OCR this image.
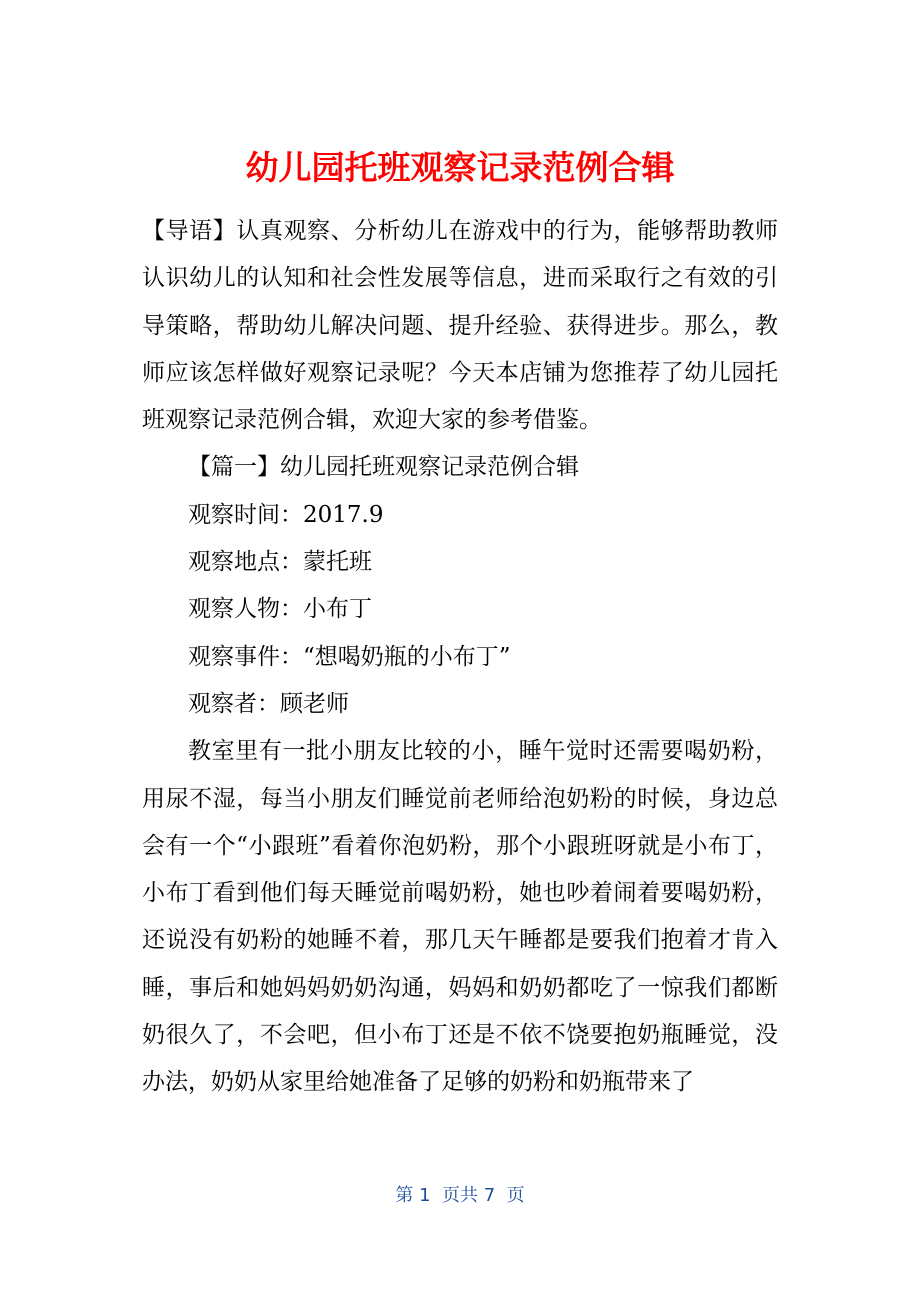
幼儿园托班观察记录范例合辑

【导语】认真观察、分析幼儿在游戏中的行为，能够帮助教师认识幼儿的认知和社会性发展等信息，进而采取行之有效的引导策略，帮助幼儿解决问题、提升经验、获得进步。那么，教师应该怎样做好观察记录呢？今天本店铺为您推荐了幼儿园托班观察记录范例合辑，欢迎大家的参考借鉴。

【篇一】幼儿园托班观察记录范例合辑

观察时间：2017.9

观察地点：蒙托班

观察人物：小布丁

观察事件：“想喝奶瓶的小布丁”

观察者：顾老师

教室里有一批小朋友比较的小，睡午觉时还需要喝奶粉，用尿不湿，每当小朋友们睡觉前老师给泡奶粉的时候，身边总会有一个“小跟班”看着你泡奶粉，那个小跟班呀就是小布丁，小布丁看到他们每天睡觉前喝奶粉，她也吵着闹着要喝奶粉，还说没有奶粉的她睡不着，那几天午睡都是要我们抱着才肯入睡，事后和她妈妈奶奶沟通，妈妈和奶奶都吃了一惊我们都断奶很久了，不会吧，但小布丁还是不依不饶要抱奶瓶睡觉，没办法，奶奶从家里给她准备了足够的奶粉和奶瓶带来了

第 1  页共 7  页
